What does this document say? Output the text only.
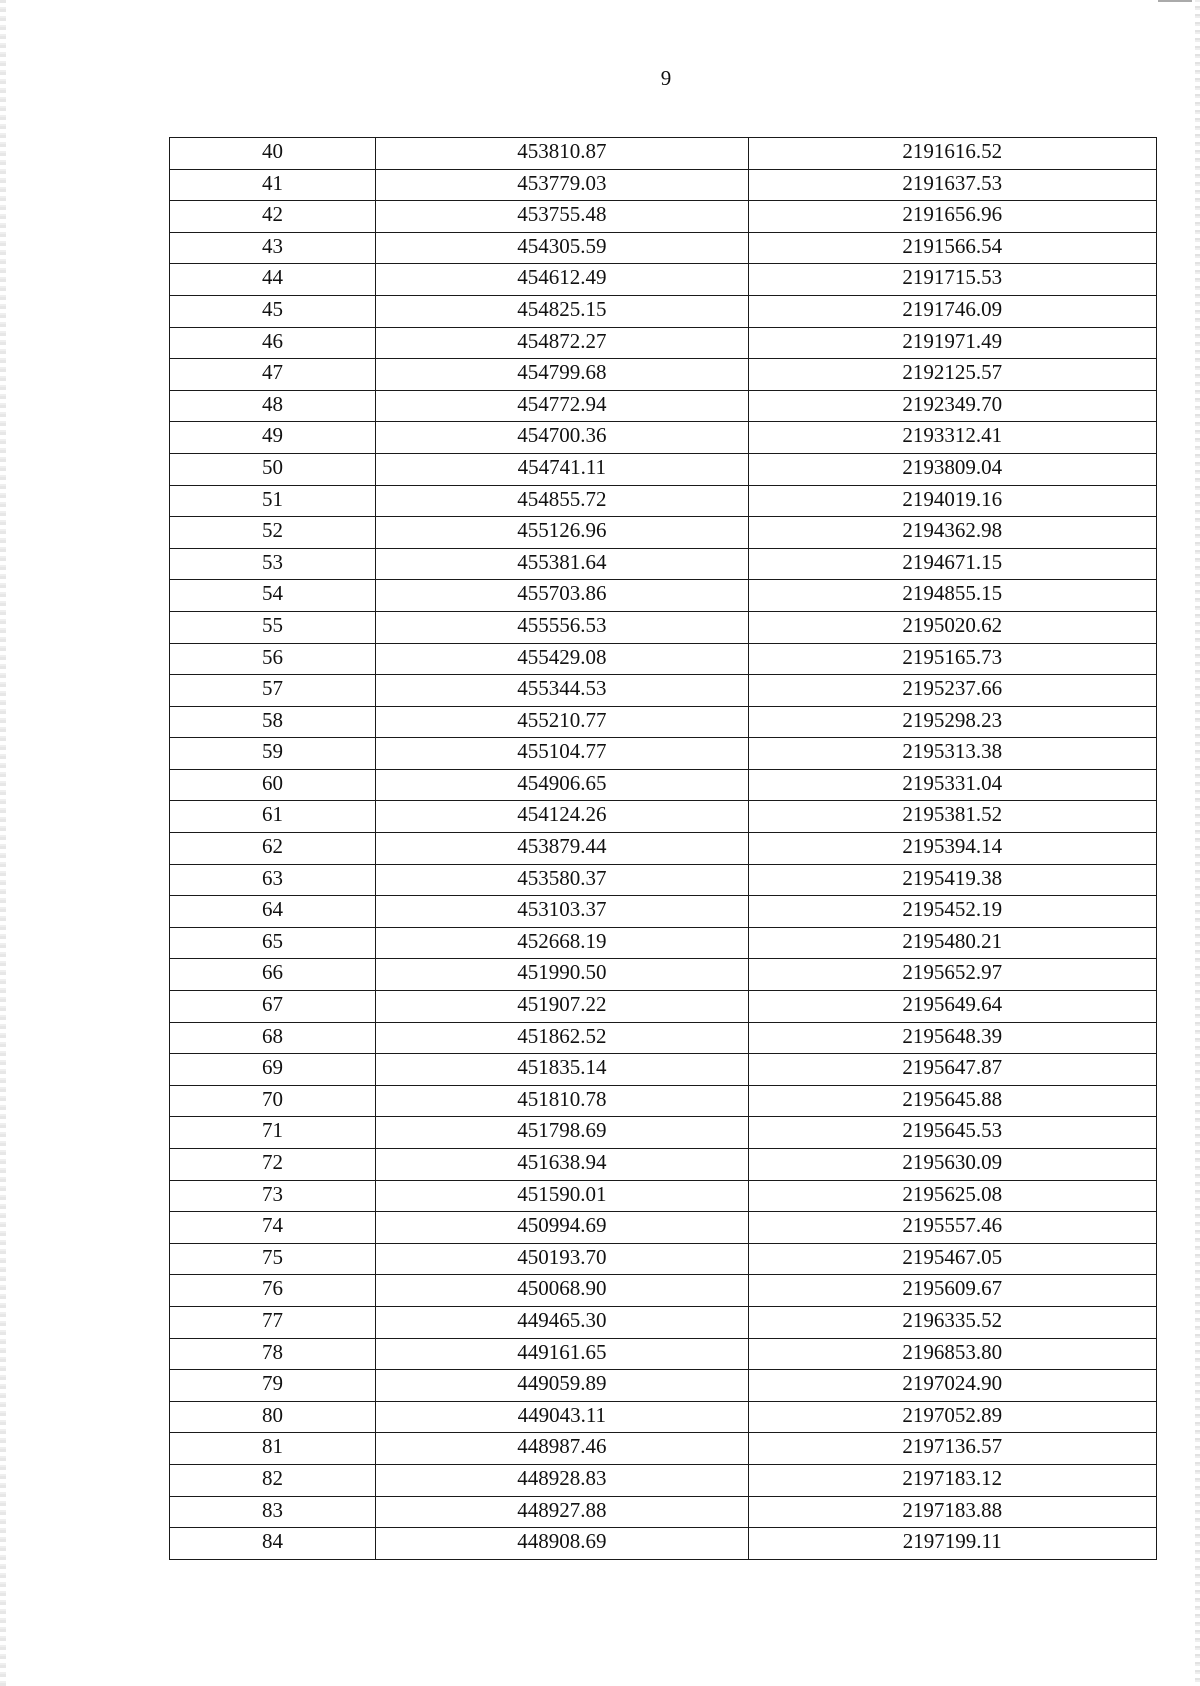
9
40	453810.87	2191616.52
41	453779.03	2191637.53
42	453755.48	2191656.96
43	454305.59	2191566.54
44	454612.49	2191715.53
45	454825.15	2191746.09
46	454872.27	2191971.49
47	454799.68	2192125.57
48	454772.94	2192349.70
49	454700.36	2193312.41
50	454741.11	2193809.04
51	454855.72	2194019.16
52	455126.96	2194362.98
53	455381.64	2194671.15
54	455703.86	2194855.15
55	455556.53	2195020.62
56	455429.08	2195165.73
57	455344.53	2195237.66
58	455210.77	2195298.23
59	455104.77	2195313.38
60	454906.65	2195331.04
61	454124.26	2195381.52
62	453879.44	2195394.14
63	453580.37	2195419.38
64	453103.37	2195452.19
65	452668.19	2195480.21
66	451990.50	2195652.97
67	451907.22	2195649.64
68	451862.52	2195648.39
69	451835.14	2195647.87
70	451810.78	2195645.88
71	451798.69	2195645.53
72	451638.94	2195630.09
73	451590.01	2195625.08
74	450994.69	2195557.46
75	450193.70	2195467.05
76	450068.90	2195609.67
77	449465.30	2196335.52
78	449161.65	2196853.80
79	449059.89	2197024.90
80	449043.11	2197052.89
81	448987.46	2197136.57
82	448928.83	2197183.12
83	448927.88	2197183.88
84	448908.69	2197199.11
